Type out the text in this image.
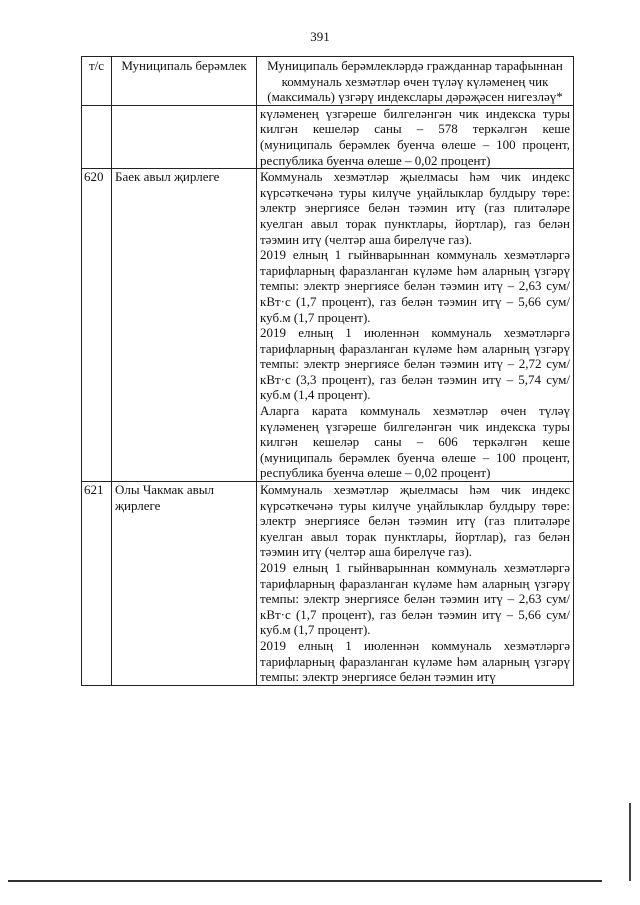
391
т/с	Муниципаль берәмлек	Муниципаль берәмлекләрдә гражданнар тарафыннан коммуналь хезмәтләр өчен түләү күләменең чик (максималь) үзгәрү индекслары дәрәҗәсен нигезләү*

		күләменең үзгәреше билгеләнгән чик индекска туры килгән кешеләр саны – 578 теркәлгән кеше (муниципаль берәмлек буенча өлеше – 100 процент, республика буенча өлеше – 0,02 процент)

620	Баек авыл җирлеге	Коммуналь хезмәтләр җыелмасы һәм чик индекс күрсәткечәнә туры килүче уңайлыклар булдыру төре: электр энергиясе белән тәэмин итү (газ плитәләре куелган авыл торак пунктлары, йортлар), газ белән тәэмин итү (челтәр аша бирелүче газ).
2019 елның 1 гыйнварыннан коммуналь хезмәтләргә тарифларның фаразланган күләме һәм аларның үзгәрү темпы: электр энергиясе белән тәэмин итү – 2,63 сум/кВт·с (1,7 процент), газ белән тәэмин итү – 5,66 сум/куб.м (1,7 процент).
2019 елның 1 июленнән коммуналь хезмәтләргә тарифларның фаразланган күләме һәм аларның үзгәрү темпы: электр энергиясе белән тәэмин итү – 2,72 сум/кВт·с (3,3 процент), газ белән тәэмин итү – 5,74 сум/куб.м (1,4 процент).
Аларга карата коммуналь хезмәтләр өчен түләү күләменең үзгәреше билгеләнгән чик индекска туры килгән кешеләр саны – 606 теркәлгән кеше (муниципаль берәмлек буенча өлеше – 100 процент, республика буенча өлеше – 0,02 процент)

621	Олы Чакмак авыл җирлеге	Коммуналь хезмәтләр җыелмасы һәм чик индекс күрсәткечәнә туры килүче уңайлыклар булдыру төре: электр энергиясе белән тәэмин итү (газ плитәләре куелган авыл торак пунктлары, йортлар), газ белән тәэмин итү (челтәр аша бирелүче газ).
2019 елның 1 гыйнварыннан коммуналь хезмәтләргә тарифларның фаразланган күләме һәм аларның үзгәрү темпы: электр энергиясе белән тәэмин итү – 2,63 сум/кВт·с (1,7 процент), газ белән тәэмин итү – 5,66 сум/куб.м (1,7 процент).
2019 елның 1 июленнән коммуналь хезмәтләргә тарифларның фаразланган күләме һәм аларның үзгәрү темпы: электр энергиясе белән тәэмин итү
